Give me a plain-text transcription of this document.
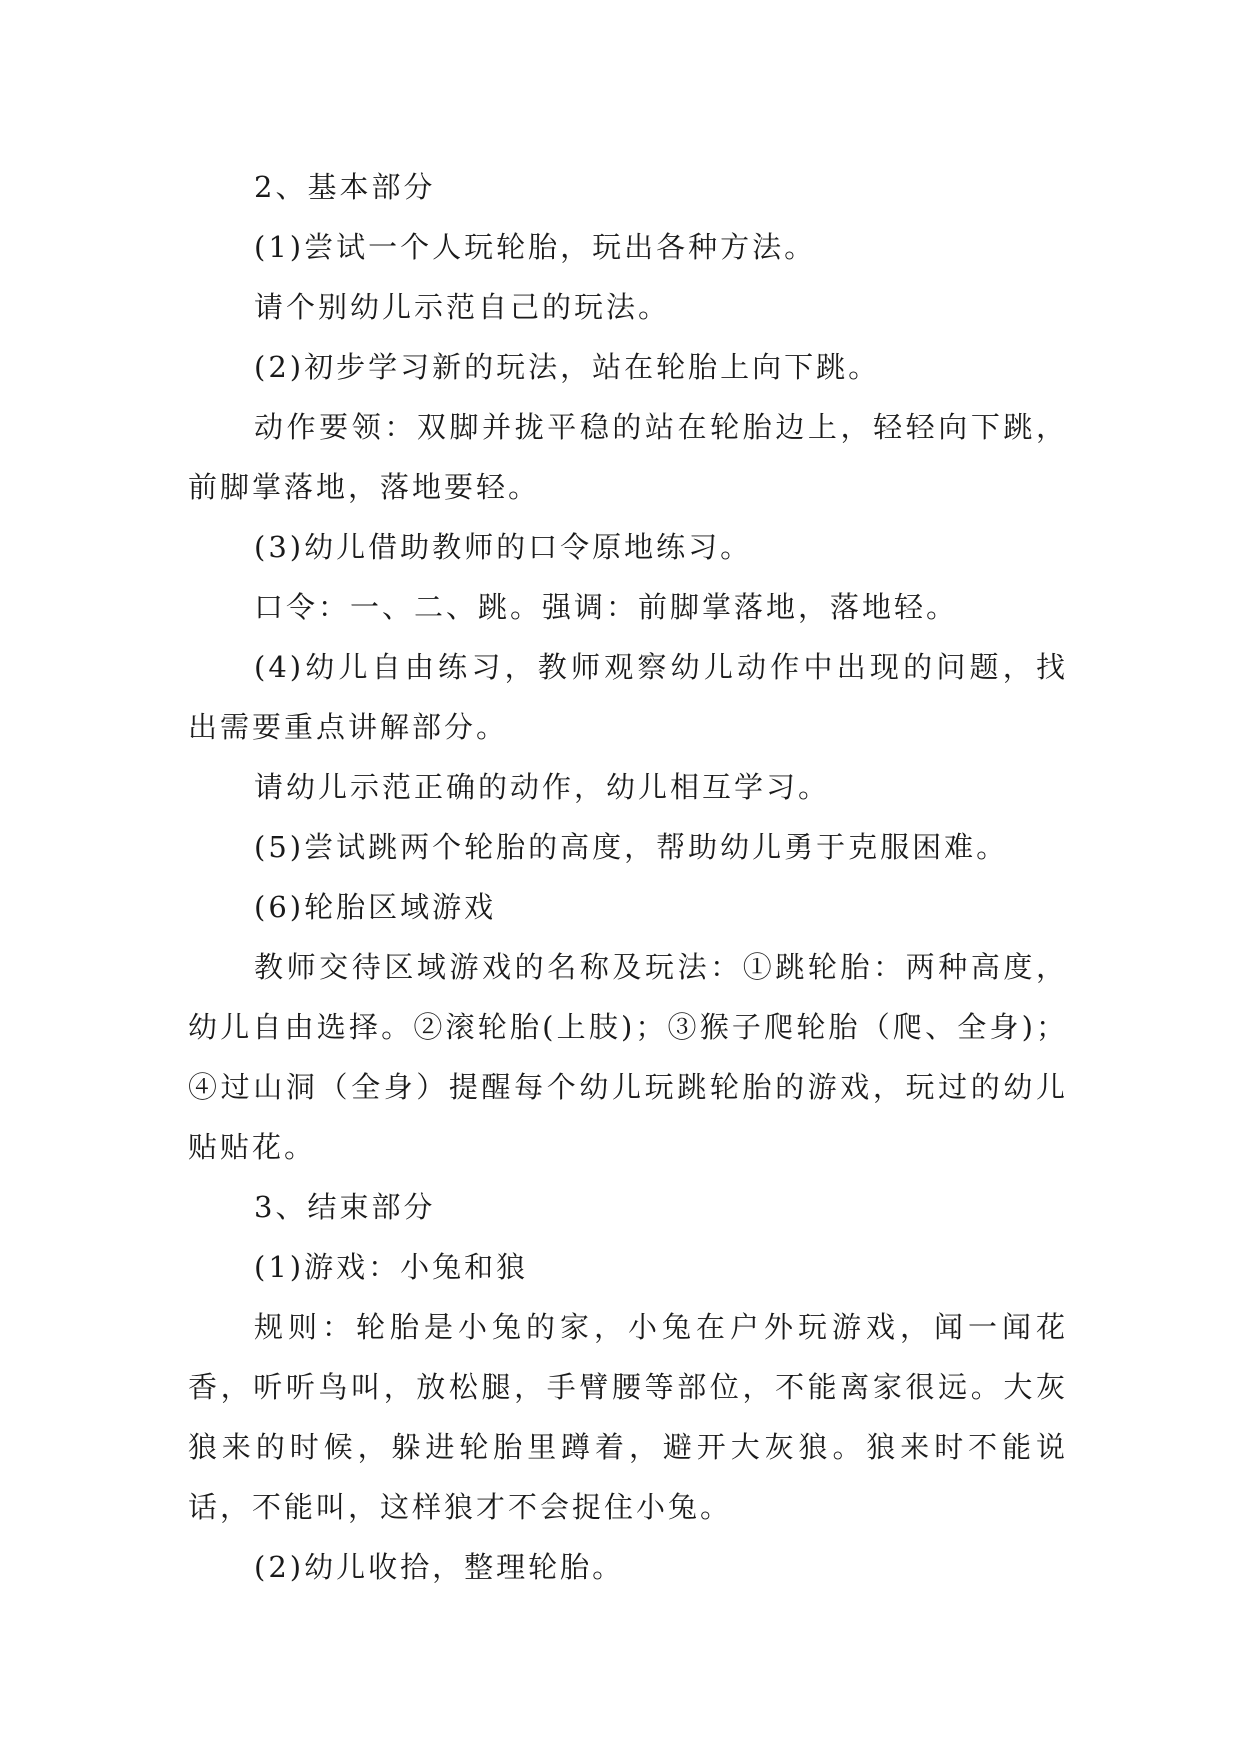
2、基本部分

(1)尝试一个人玩轮胎，玩出各种方法。

请个别幼儿示范自己的玩法。

(2)初步学习新的玩法，站在轮胎上向下跳。

动作要领：双脚并拢平稳的站在轮胎边上，轻轻向下跳，前脚掌落地，落地要轻。

(3)幼儿借助教师的口令原地练习。

口令：一、二、跳。强调：前脚掌落地，落地轻。

(4)幼儿自由练习，教师观察幼儿动作中出现的问题，找出需要重点讲解部分。

请幼儿示范正确的动作，幼儿相互学习。

(5)尝试跳两个轮胎的高度，帮助幼儿勇于克服困难。

(6)轮胎区域游戏

教师交待区域游戏的名称及玩法：①跳轮胎：两种高度，幼儿自由选择。②滚轮胎(上肢)；③猴子爬轮胎（爬、全身)；④过山洞（全身）提醒每个幼儿玩跳轮胎的游戏，玩过的幼儿贴贴花。

3、结束部分

(1)游戏：小兔和狼

规则：轮胎是小兔的家，小兔在户外玩游戏，闻一闻花香，听听鸟叫，放松腿，手臂腰等部位，不能离家很远。大灰狼来的时候，躲进轮胎里蹲着，避开大灰狼。狼来时不能说话，不能叫，这样狼才不会捉住小兔。

(2)幼儿收拾，整理轮胎。
